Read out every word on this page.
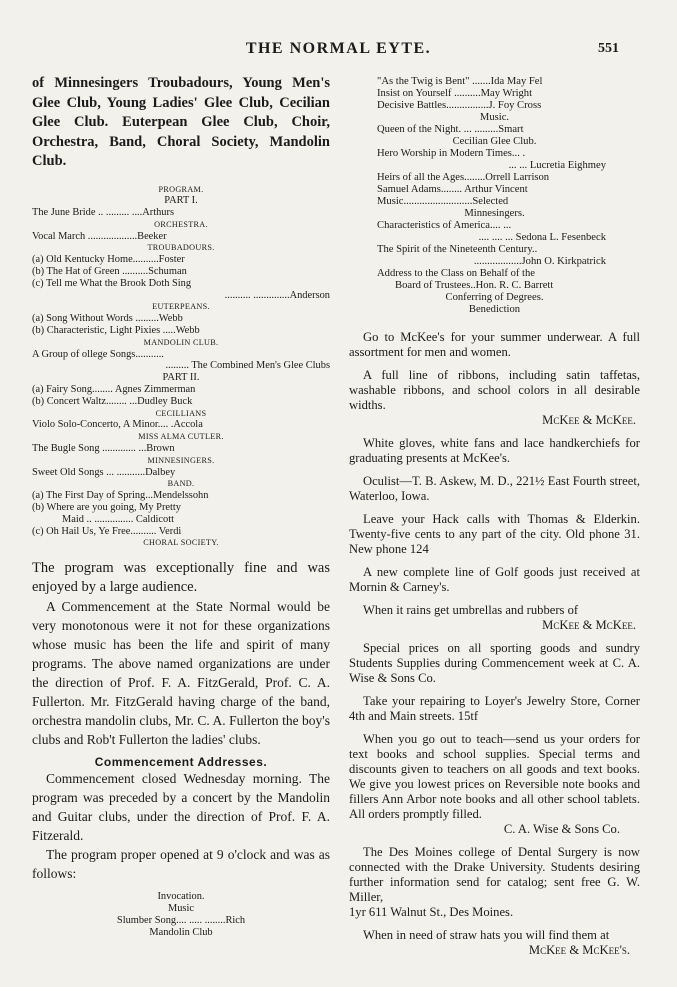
THE NORMAL EYTE.	551

of Minnesingers Troubadours, Young Men's Glee Club, Young Ladies' Glee Club, Cecilian Glee Club. Euterpean Glee Club, Choir, Orchestra, Band, Choral Society, Mandolin Club.

PROGRAM.
PART I.
The June Bride .. ......... ....Arthurs
ORCHESTRA.
Vocal March ...................Beeker
TROUBADOURS.
(a) Old Kentucky Home..........Foster
(b) The Hat of Green ..........Schuman
(c) Tell me What the Brook Doth Sing
.......... ..............Anderson
EUTERPEANS.
(a) Song Without Words .........Webb
(b) Characteristic, Light Pixies .....Webb
MANDOLIN CLUB.
A Group of ollege Songs...........
......... The Combined Men's Glee Clubs
PART II.
(a) Fairy Song........ Agnes Zimmerman
(b) Concert Waltz........ ...Dudley Buck
CECILLIANS
Violo Solo-Concerto, A Minor.... .Accola
MISS ALMA CUTLER.
The Bugle Song ............. ...Brown
MINNESINGERS.
Sweet Old Songs ... ...........Dalbey
BAND.
(a) The First Day of Spring...Mendelssohn
(b) Where are you going, My Pretty
Maid .. ............... Caldicott
(c) Oh Hail Us, Ye Free.......... Verdi
CHORAL SOCIETY.

The program was exceptionally fine and was enjoyed by a large audience.

A Commencement at the State Normal would be very monotonous were it not for these organizations whose music has been the life and spirit of many programs. The above named organizations are under the direction of Prof. F. A. FitzGerald, Prof. C. A. Fullerton. Mr. FitzGerald having charge of the band, orchestra mandolin clubs, Mr. C. A. Fullerton the boy's clubs and Rob't Fullerton the ladies' clubs.

Commencement Addresses.

Commencement closed Wednesday morning. The program was preceded by a concert by the Mandolin and Guitar clubs, under the direction of Prof. F. A. Fitzerald.

The program proper opened at 9 o'clock and was as follows:

Invocation.
Music
Slumber Song.... ..... ........Rich
Mandolin Club
"As the Twig is Bent" .......Ida May Fel
Insist on Yourself ..........May Wright
Decisive Battles................J. Foy Cross
Music.
Queen of the Night. ... .........Smart
Cecilian Glee Club.
Hero Worship in Modern Times... .
... ... Lucretia Eighmey
Heirs of all the Ages........Orrell Larrison
Samuel Adams........ Arthur Vincent
Music..........................Selected
Minnesingers.
Characteristics of America.... ...
.... .... ... Sedona L. Fesenbeck
The Spirit of the Nineteenth Century..
..................John O. Kirkpatrick
Address to the Class on Behalf of the
Board of Trustees..Hon. R. C. Barrett
Conferring of Degrees.
Benediction

Go to McKee's for your summer underwear. A full assortment for men and women.

A full line of ribbons, including satin taffetas, washable ribbons, and school colors in all desirable widths.

McKee & McKee.

White gloves, white fans and lace handkerchiefs for graduating presents at McKee's.

Oculist—T. B. Askew, M. D., 221½ East Fourth street, Waterloo, Iowa.

Leave your Hack calls with Thomas & Elderkin. Twenty-five cents to any part of the city. Old phone 31. New phone 124

A new complete line of Golf goods just received at Mornin & Carney's.

When it rains get umbrellas and rubbers of

McKee & McKee.

Special prices on all sporting goods and sundry Students Supplies during Commencement week at C. A. Wise & Sons Co.

Take your repairing to Loyer's Jewelry Store, Corner 4th and Main streets. 15tf

When you go out to teach—send us your orders for text books and school supplies. Special terms and discounts given to teachers on all goods and text books. We give you lowest prices on Reversible note books and fillers Ann Arbor note books and all other school tablets. All orders promptly filled.

C. A. Wise & Sons Co.

The Des Moines college of Dental Surgery is now connected with the Drake University. Students desiring further information send for catalog; sent free G. W. Miller,

1yr 611 Walnut St., Des Moines.

When in need of straw hats you will find them at

McKee & McKee's.
